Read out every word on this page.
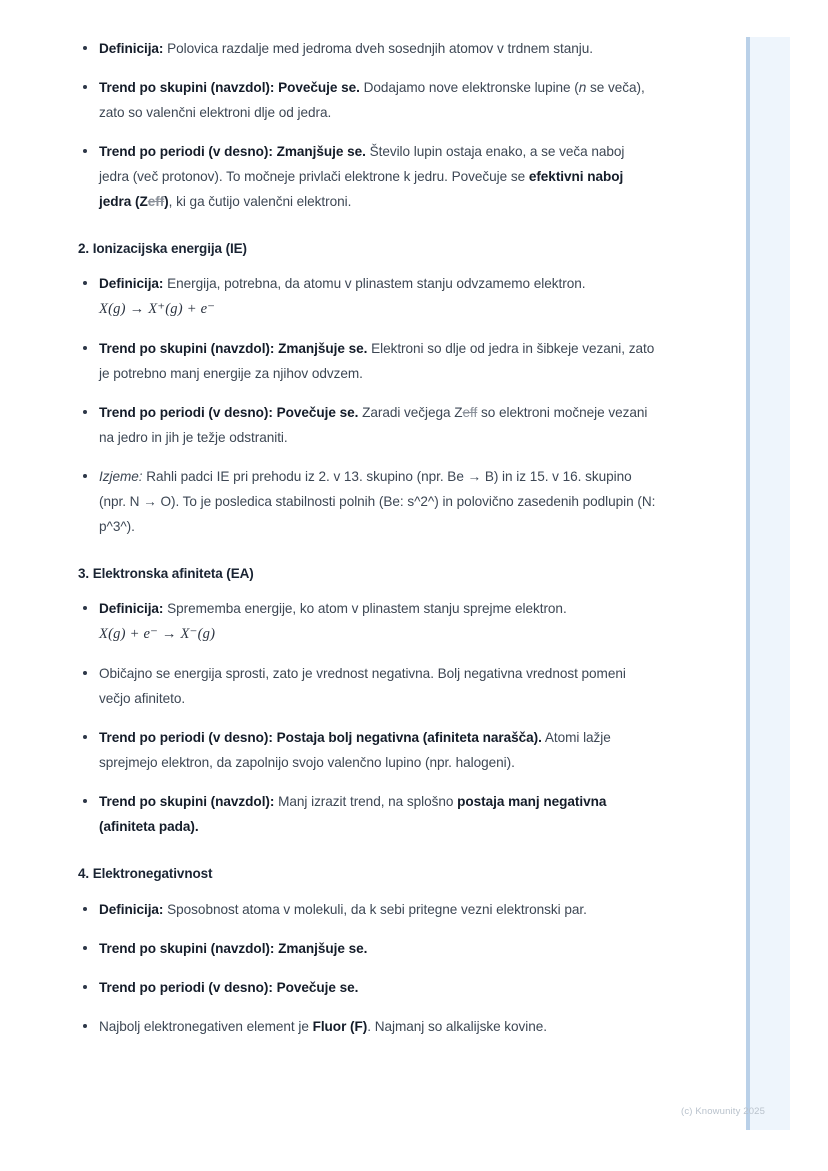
Definicija: Polovica razdalje med jedroma dveh sosednjih atomov v trdnem stanju.
Trend po skupini (navzdol): Povečuje se. Dodajamo nove elektronske lupine (n se veča), zato so valenčni elektroni dlje od jedra.
Trend po periodi (v desno): Zmanjšuje se. Število lupin ostaja enako, a se veča naboj jedra (več protonov). To močneje privlači elektrone k jedru. Povečuje se efektivni naboj jedra (Zeff), ki ga čutijo valenčni elektroni.
2. Ionizacijska energija (IE)
Definicija: Energija, potrebna, da atomu v plinastem stanju odvzamemo elektron. X(g) → X⁺(g) + e⁻
Trend po skupini (navzdol): Zmanjšuje se. Elektroni so dlje od jedra in šibkeje vezani, zato je potrebno manj energije za njihov odvzem.
Trend po periodi (v desno): Povečuje se. Zaradi večjega Zeff so elektroni močneje vezani na jedro in jih je težje odstraniti.
Izjeme: Rahli padci IE pri prehodu iz 2. v 13. skupino (npr. Be → B) in iz 15. v 16. skupino (npr. N → O). To je posledica stabilnosti polnih (Be: s^2^) in polovično zasedenih podlupin (N: p^3^).
3. Elektronska afiniteta (EA)
Definicija: Sprememba energije, ko atom v plinastem stanju sprejme elektron. X(g) + e⁻ → X⁻(g)
Običajno se energija sprosti, zato je vrednost negativna. Bolj negativna vrednost pomeni večjo afiniteto.
Trend po periodi (v desno): Postaja bolj negativna (afiniteta narašča). Atomi lažje sprejmejo elektron, da zapolnijo svojo valenčno lupino (npr. halogeni).
Trend po skupini (navzdol): Manj izrazit trend, na splošno postaja manj negativna (afiniteta pada).
4. Elektronegativnost
Definicija: Sposobnost atoma v molekuli, da k sebi pritegne vezni elektronski par.
Trend po skupini (navzdol): Zmanjšuje se.
Trend po periodi (v desno): Povečuje se.
Najbolj elektronegativen element je Fluor (F). Najmanj so alkalijske kovine.
(c) Knowunity 2025
